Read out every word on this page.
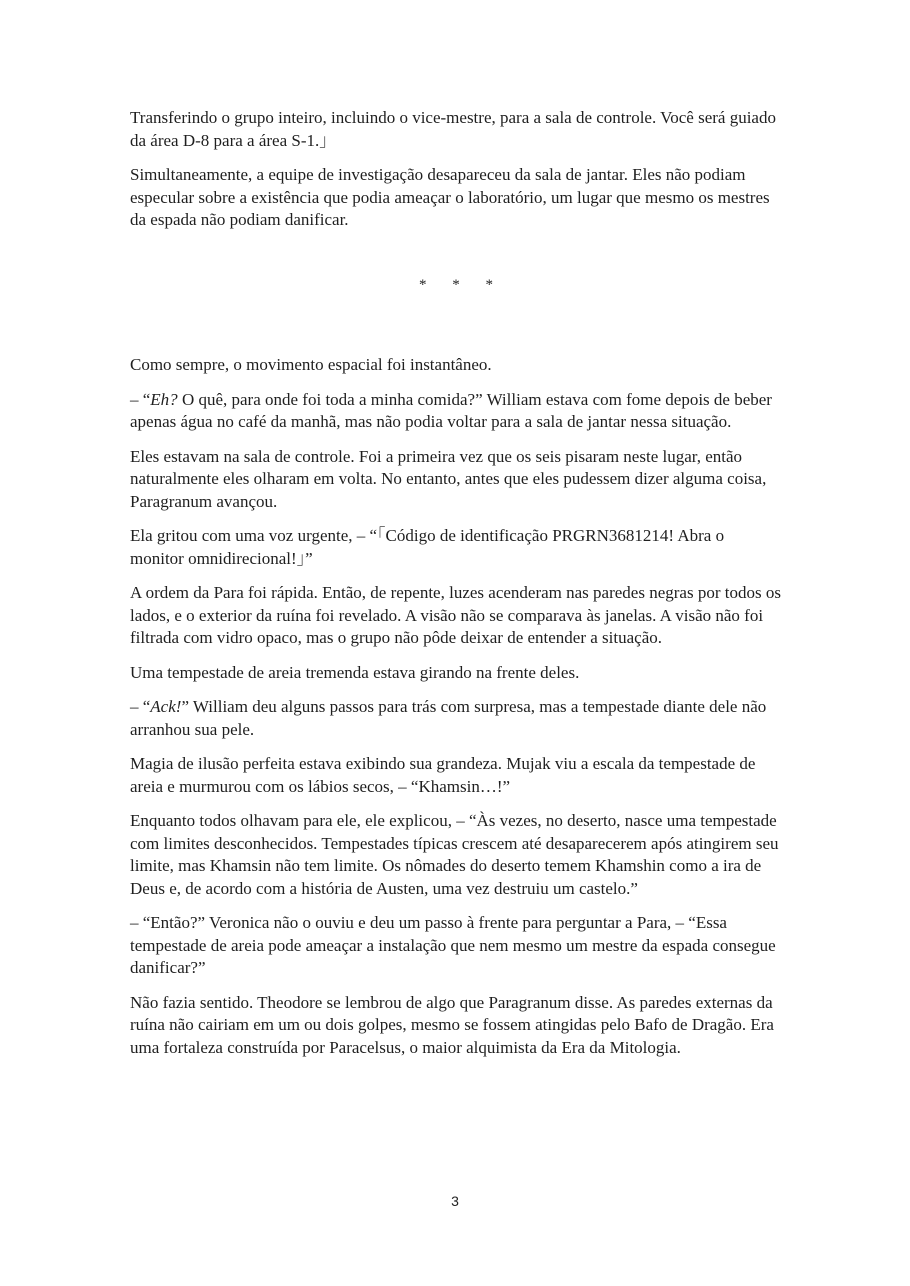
Transferindo o grupo inteiro, incluindo o vice-mestre, para a sala de controle. Você será guiado da área D-8 para a área S-1.」

Simultaneamente, a equipe de investigação desapareceu da sala de jantar. Eles não podiam especular sobre a existência que podia ameaçar o laboratório, um lugar que mesmo os mestres da espada não podiam danificar.

* * *

Como sempre, o movimento espacial foi instantâneo.

– “Eh? O quê, para onde foi toda a minha comida?” William estava com fome depois de beber apenas água no café da manhã, mas não podia voltar para a sala de jantar nessa situação.

Eles estavam na sala de controle. Foi a primeira vez que os seis pisaram neste lugar, então naturalmente eles olharam em volta. No entanto, antes que eles pudessem dizer alguma coisa, Paragranum avançou.

Ela gritou com uma voz urgente, – “「Código de identificação PRGRN3681214! Abra o monitor omnidirecional!」”

A ordem da Para foi rápida. Então, de repente, luzes acenderam nas paredes negras por todos os lados, e o exterior da ruína foi revelado. A visão não se comparava às janelas. A visão não foi filtrada com vidro opaco, mas o grupo não pôde deixar de entender a situação.

Uma tempestade de areia tremenda estava girando na frente deles.

– “Ack!” William deu alguns passos para trás com surpresa, mas a tempestade diante dele não arranhou sua pele.

Magia de ilusão perfeita estava exibindo sua grandeza. Mujak viu a escala da tempestade de areia e murmurou com os lábios secos, – “Khamsin…!”

Enquanto todos olhavam para ele, ele explicou, – “Às vezes, no deserto, nasce uma tempestade com limites desconhecidos. Tempestades típicas crescem até desaparecerem após atingirem seu limite, mas Khamsin não tem limite. Os nômades do deserto temem Khamshin como a ira de Deus e, de acordo com a história de Austen, uma vez destruiu um castelo.”

– “Então?” Veronica não o ouviu e deu um passo à frente para perguntar a Para, – “Essa tempestade de areia pode ameaçar a instalação que nem mesmo um mestre da espada consegue danificar?”

Não fazia sentido. Theodore se lembrou de algo que Paragranum disse. As paredes externas da ruína não cairiam em um ou dois golpes, mesmo se fossem atingidas pelo Bafo de Dragão. Era uma fortaleza construída por Paracelsus, o maior alquimista da Era da Mitologia.

3
